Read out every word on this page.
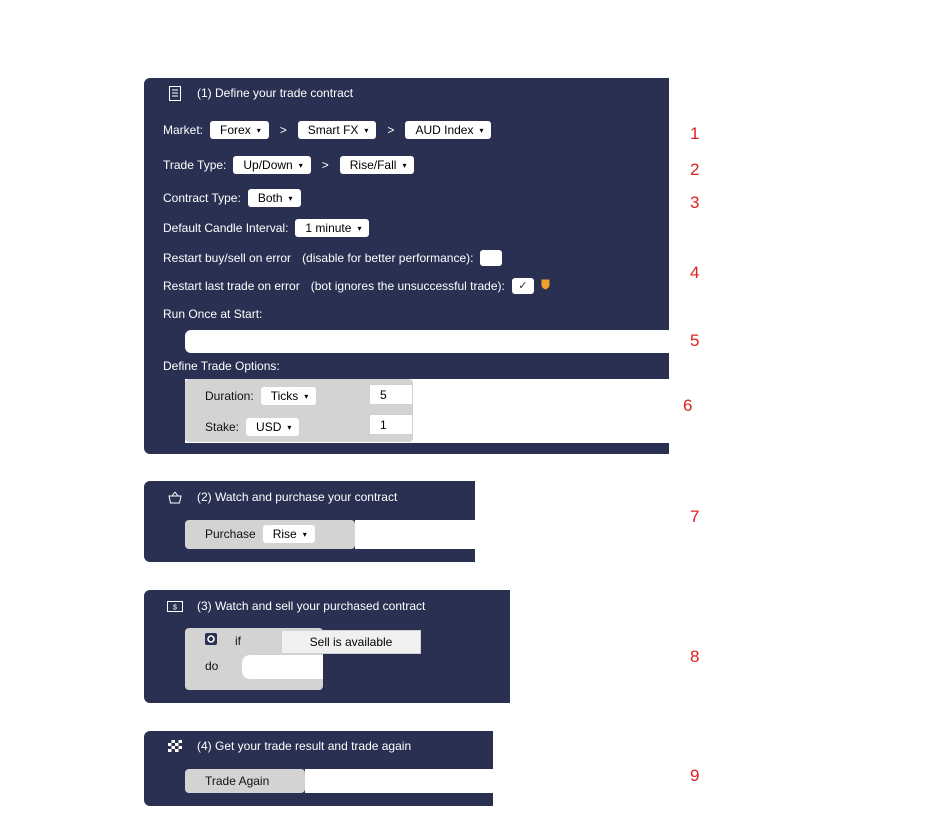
(1) Define your trade contract
Market: Forex ▾ > Smart FX ▾ > AUD Index ▾
Trade Type: Up/Down ▾ > Rise/Fall ▾
Contract Type: Both ▾
Default Candle Interval: 1 minute ▾
Restart buy/sell on error (disable for better performance):
Restart last trade on error (bot ignores the unsuccessful trade):	✓
Run Once at Start:
Define Trade Options:
Duration: Ticks ▾
Stake: USD ▾
5
1
(2) Watch and purchase your contract
Purchase Rise ▾
$ (3) Watch and sell your purchased contract
if
do
Sell is available
(4) Get your trade result and trade again
Trade Again
1
2
3
4
5
6
7
8
9
